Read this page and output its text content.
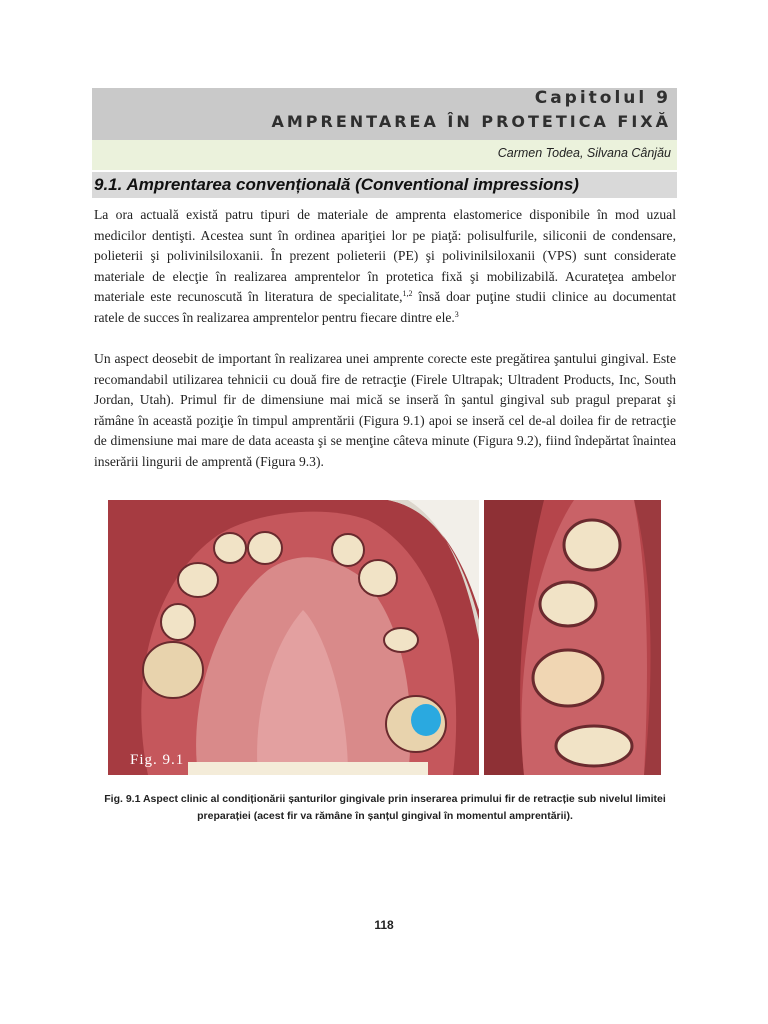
Capitolul 9
AMPRENTAREA ÎN PROTETICA FIXĂ
Carmen Todea, Silvana Cânjău
9.1. Amprentarea convențională (Conventional impressions)
La ora actuală există patru tipuri de materiale de amprenta elastomerice disponibile în mod uzual medicilor dentişti. Acestea sunt în ordinea apariţiei lor pe piaţă: polisulfurile, siliconii de condensare, polieterii şi polivinilsiloxanii. În prezent polieterii (PE) şi polivinilsiloxanii (VPS) sunt considerate materiale de elecţie în realizarea amprentelor în protetica fixă şi mobilizabilă. Acurateţea ambelor materiale este recunoscută în literatura de specialitate,$^{1,2}$ însă doar puţine studii clinice au documentat ratele de succes în realizarea amprentelor pentru fiecare dintre ele.$^3$
Un aspect deosebit de important în realizarea unei amprente corecte este pregătirea şantului gingival. Este recomandabil utilizarea tehnicii cu două fire de retracţie (Firele Ultrapak; Ultradent Products, Inc, South Jordan, Utah). Primul fir de dimensiune mai mică se inseră în şantul gingival sub pragul preparat şi rămâne în această poziţie în timpul amprentării (Figura 9.1) apoi se inseră cel de-al doilea fir de retracţie de dimensiune mai mare de data aceasta şi se menţine câteva minute (Figura 9.2), fiind îndepărtat înaintea inserării lingurii de amprentă (Figura 9.3).
Fig. 9.1
Fig. 9.1 Aspect clinic al condiționării șanturilor gingivale prin inserarea primului fir de retracție sub nivelul limitei preparației (acest fir va rămâne în șanțul gingival în momentul amprentării).
118
